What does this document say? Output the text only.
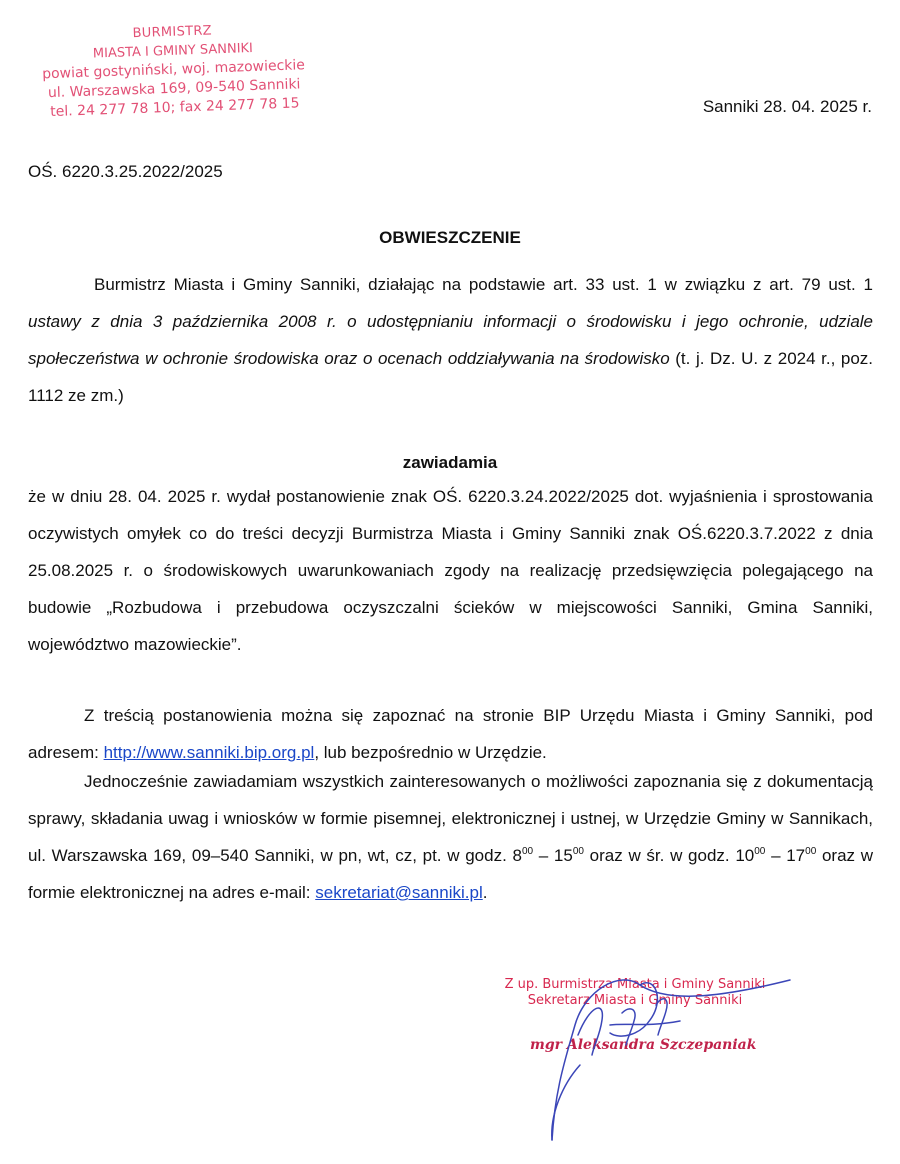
BURMISTRZ
MIASTA I GMINY SANNIKI
powiat gostyniński, woj. mazowieckie
ul. Warszawska 169, 09-540 Sanniki
tel. 24 277 78 10; fax 24 277 78 15	Sanniki 28. 04. 2025 r.
OŚ. 6220.3.25.2022/2025
OBWIESZCZENIE
Burmistrz Miasta i Gminy Sanniki, działając na podstawie art. 33 ust. 1 w związku z art. 79 ust. 1 ustawy z dnia 3 października 2008 r. o udostępnianiu informacji o środowisku i jego ochronie, udziale społeczeństwa w ochronie środowiska oraz o ocenach oddziaływania na środowisko (t. j. Dz. U. z 2024 r., poz. 1112 ze zm.)
zawiadamia
że w dniu 28. 04. 2025 r. wydał postanowienie znak OŚ. 6220.3.24.2022/2025 dot. wyjaśnienia i sprostowania oczywistych omyłek co do treści decyzji Burmistrza Miasta i Gminy Sanniki znak OŚ.6220.3.7.2022 z dnia 25.08.2025 r. o środowiskowych uwarunkowaniach zgody na realizację przedsięwzięcia polegającego na budowie „Rozbudowa i przebudowa oczyszczalni ścieków w miejscowości Sanniki, Gmina Sanniki, województwo mazowieckie”.
Z treścią postanowienia można się zapoznać na stronie BIP Urzędu Miasta i Gminy Sanniki, pod adresem: http://www.sanniki.bip.org.pl, lub bezpośrednio w Urzędzie.
Jednocześnie zawiadamiam wszystkich zainteresowanych o możliwości zapoznania się z dokumentacją sprawy, składania uwag i wniosków w formie pisemnej, elektronicznej i ustnej, w Urzędzie Gminy w Sannikach, ul. Warszawska 169, 09–540 Sanniki, w pn, wt, cz, pt. w godz. $8^{00} - 15^{00}$ oraz w śr. w godz. $10^{00} - 17^{00}$ oraz w formie elektronicznej na adres e-mail: sekretariat@sanniki.pl.
Z up. Burmistrza Miasta i Gminy Sanniki
Sekretarz Miasta i Gminy Sanniki
mgr Aleksandra Szczepaniak
